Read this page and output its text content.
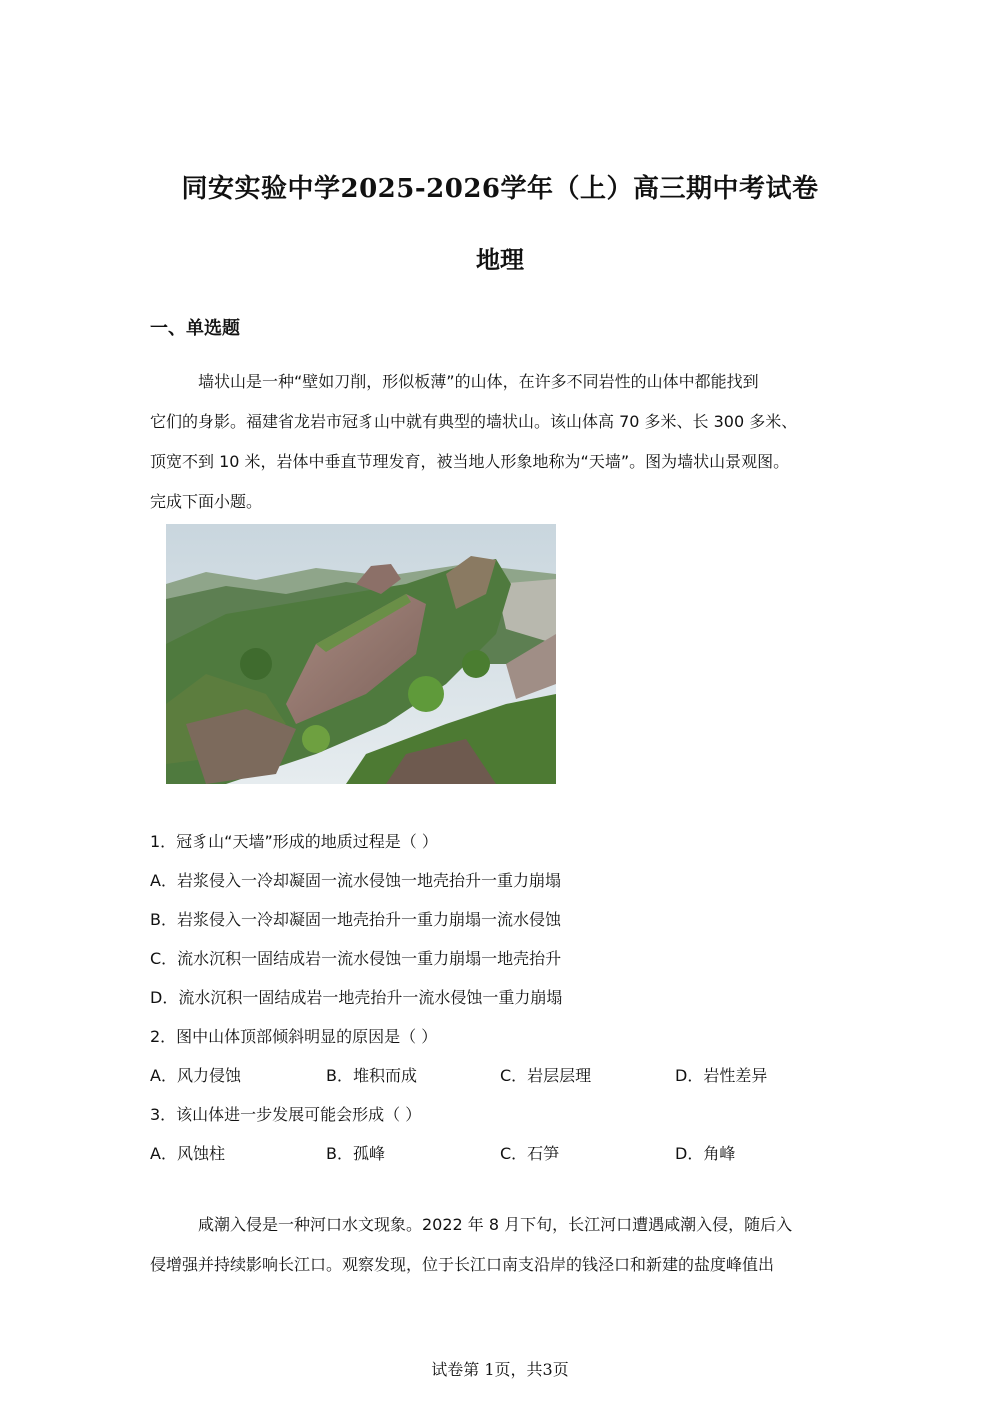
同安实验中学2025-2026学年（上）高三期中考试卷
地理
一、单选题

墙状山是一种“壁如刀削，形似板薄”的山体，在许多不同岩性的山体中都能找到

它们的身影。福建省龙岩市冠豸山中就有典型的墙状山。该山体高 70 多米、长 300 多米、

顶宽不到 10 米，岩体中垂直节理发育，被当地人形象地称为“天墙”。图为墙状山景观图。

完成下面小题。

1．冠豸山“天墙”形成的地质过程是（ ）
A．岩浆侵入一冷却凝固一流水侵蚀一地壳抬升一重力崩塌
B．岩浆侵入一冷却凝固一地壳抬升一重力崩塌一流水侵蚀
C．流水沉积一固结成岩一流水侵蚀一重力崩塌一地壳抬升
D．流水沉积一固结成岩一地壳抬升一流水侵蚀一重力崩塌
2．图中山体顶部倾斜明显的原因是（ ）
A．风力侵蚀	B．堆积而成	C．岩层层理	D．岩性差异
3．该山体进一步发展可能会形成（ ）
A．风蚀柱	B．孤峰	C．石笋	D．角峰

咸潮入侵是一种河口水文现象。2022 年 8 月下旬，长江河口遭遇咸潮入侵，随后入

侵增强并持续影响长江口。观察发现，位于长江口南支沿岸的钱泾口和新建的盐度峰值出

试卷第 1页，共3页
